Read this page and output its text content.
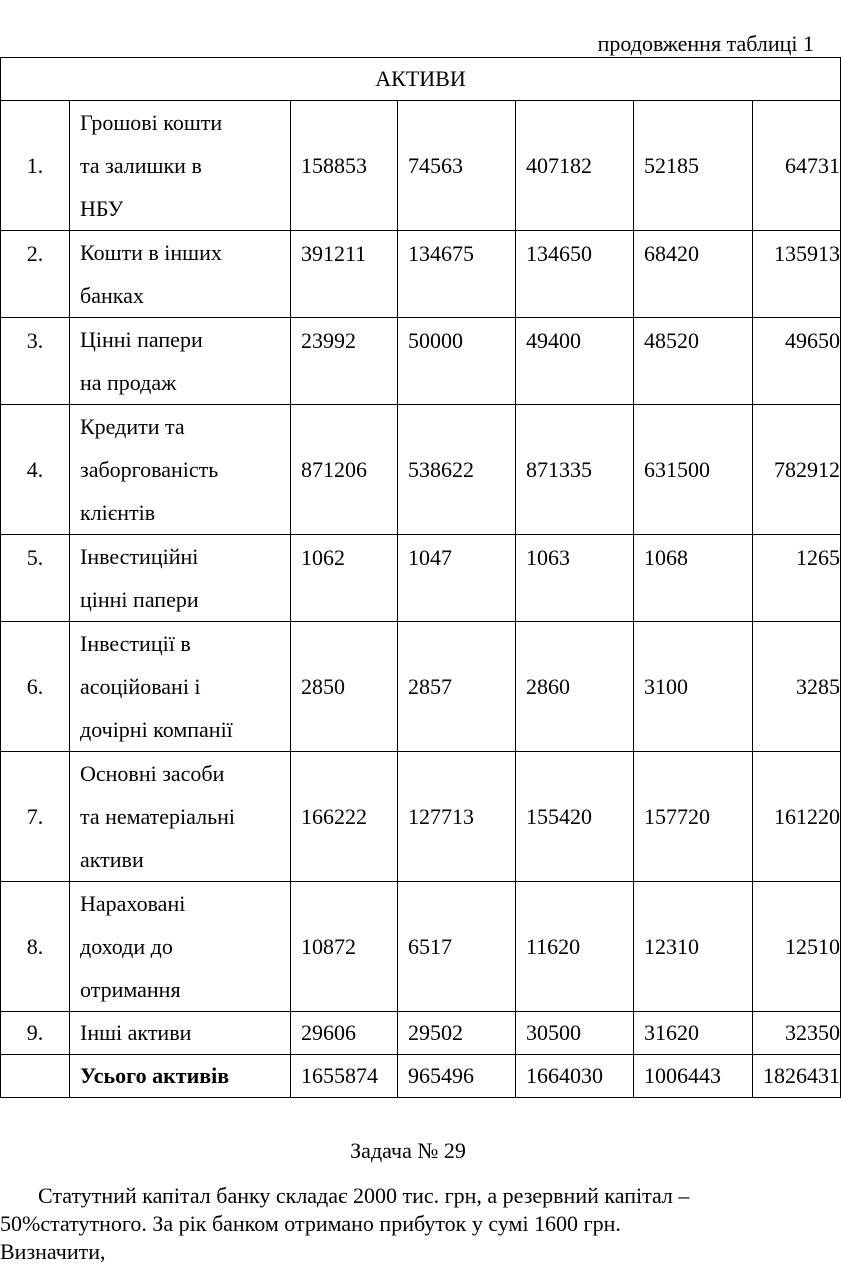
продовження таблиці 1
АКТИВИ						
1.	Грошові кошти
та залишки в
НБУ	158853	74563	407182	52185	64731
2.	Кошти в інших
банках	391211	134675	134650	68420	135913
3.	Цінні папери
на продаж	23992	50000	49400	48520	49650
4.	Кредити та
заборгованість
клієнтів	871206	538622	871335	631500	782912
5.	Інвестиційні
цінні папери	1062	1047	1063	1068	1265
6.	Інвестиції в
асоційовані і
дочірні компанії	2850	2857	2860	3100	3285
7.	Основні засоби
та нематеріальні
активи	166222	127713	155420	157720	161220
8.	Нараховані
доходи до
отримання	10872	6517	11620	12310	12510
9.	Інші активи	29606	29502	30500	31620	32350
	Усього активів	1655874	965496	1664030	1006443	1826431
Задача № 29
Статутний капітал банку складає 2000 тис. грн, а резервний капітал –
50%статутного. За рік банком отримано прибуток у сумі 1600 грн.
Визначити,
